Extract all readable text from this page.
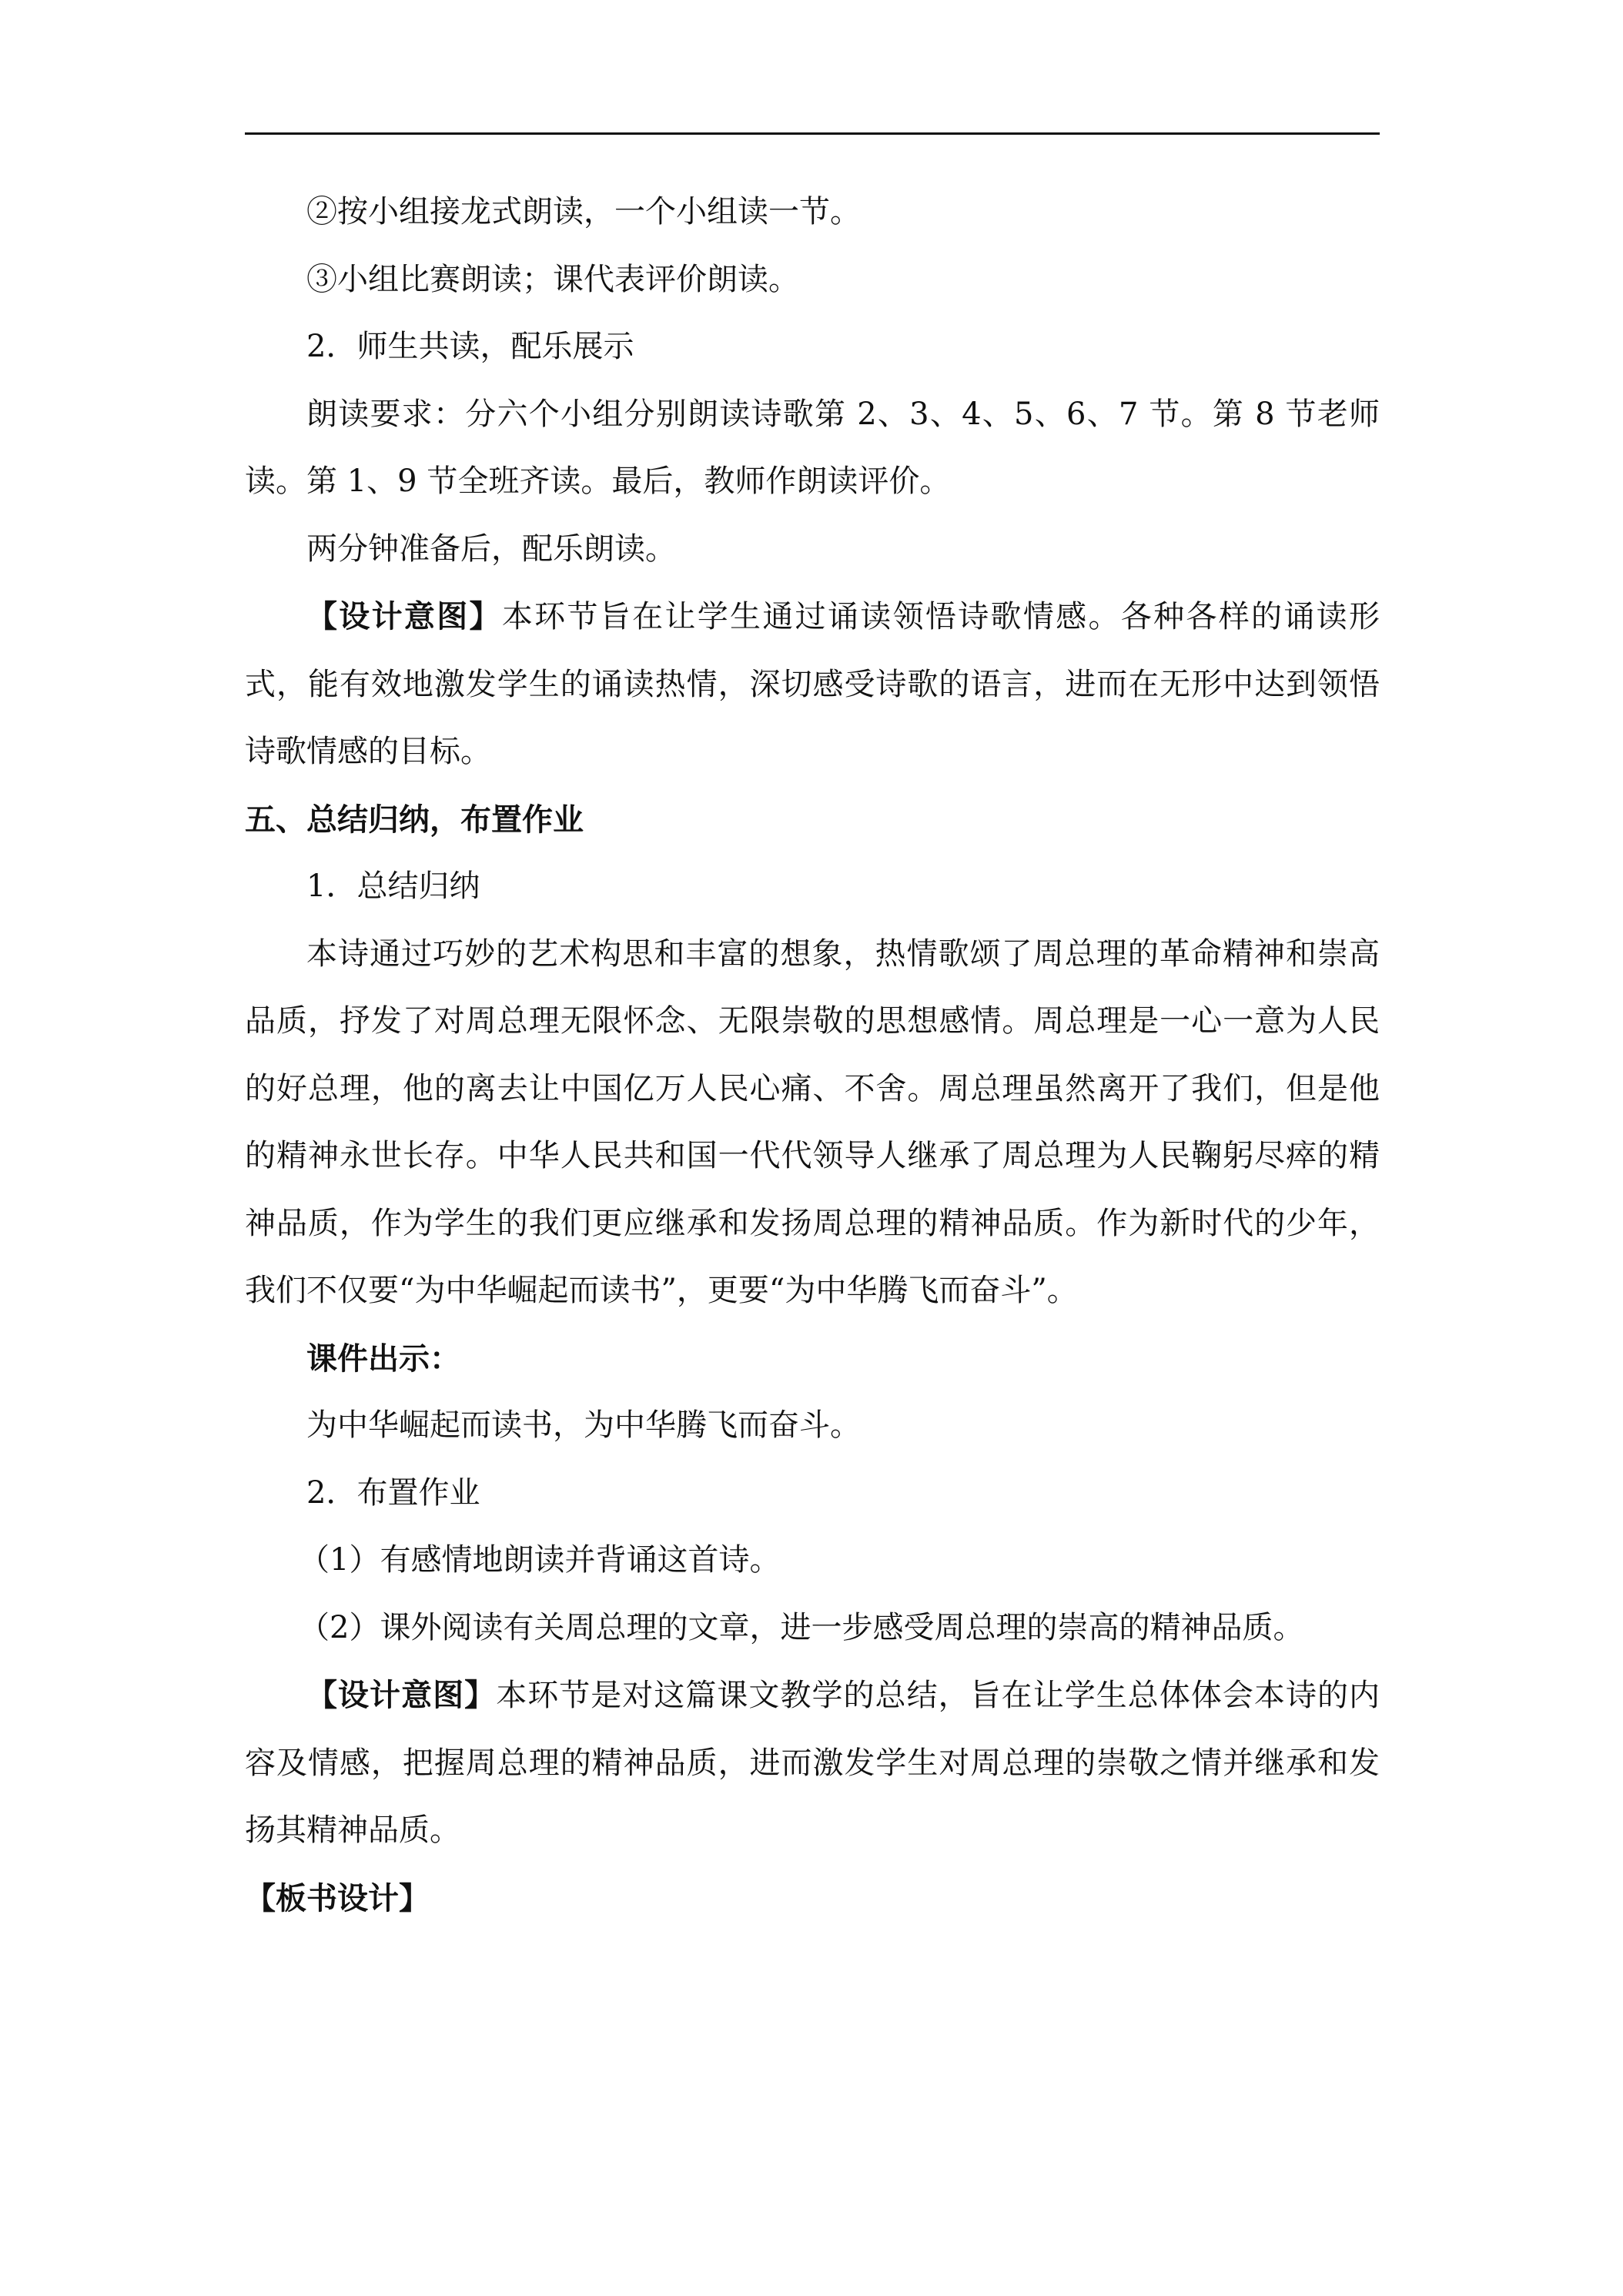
②按小组接龙式朗读，一个小组读一节。

③小组比赛朗读；课代表评价朗读。

2．师生共读，配乐展示

朗读要求：分六个小组分别朗读诗歌第 2、3、4、5、6、7 节。第 8 节老师读。第 1、9 节全班齐读。最后，教师作朗读评价。

两分钟准备后，配乐朗读。

【设计意图】本环节旨在让学生通过诵读领悟诗歌情感。各种各样的诵读形式，能有效地激发学生的诵读热情，深切感受诗歌的语言，进而在无形中达到领悟诗歌情感的目标。

五、总结归纳，布置作业

1．总结归纳

本诗通过巧妙的艺术构思和丰富的想象，热情歌颂了周总理的革命精神和崇高品质，抒发了对周总理无限怀念、无限崇敬的思想感情。周总理是一心一意为人民的好总理，他的离去让中国亿万人民心痛、不舍。周总理虽然离开了我们，但是他的精神永世长存。中华人民共和国一代代领导人继承了周总理为人民鞠躬尽瘁的精神品质，作为学生的我们更应继承和发扬周总理的精神品质。作为新时代的少年，我们不仅要“为中华崛起而读书”，更要“为中华腾飞而奋斗”。

课件出示：

为中华崛起而读书，为中华腾飞而奋斗。

2．布置作业

（1）有感情地朗读并背诵这首诗。

（2）课外阅读有关周总理的文章，进一步感受周总理的崇高的精神品质。

【设计意图】本环节是对这篇课文教学的总结，旨在让学生总体体会本诗的内容及情感，把握周总理的精神品质，进而激发学生对周总理的崇敬之情并继承和发扬其精神品质。

【板书设计】
